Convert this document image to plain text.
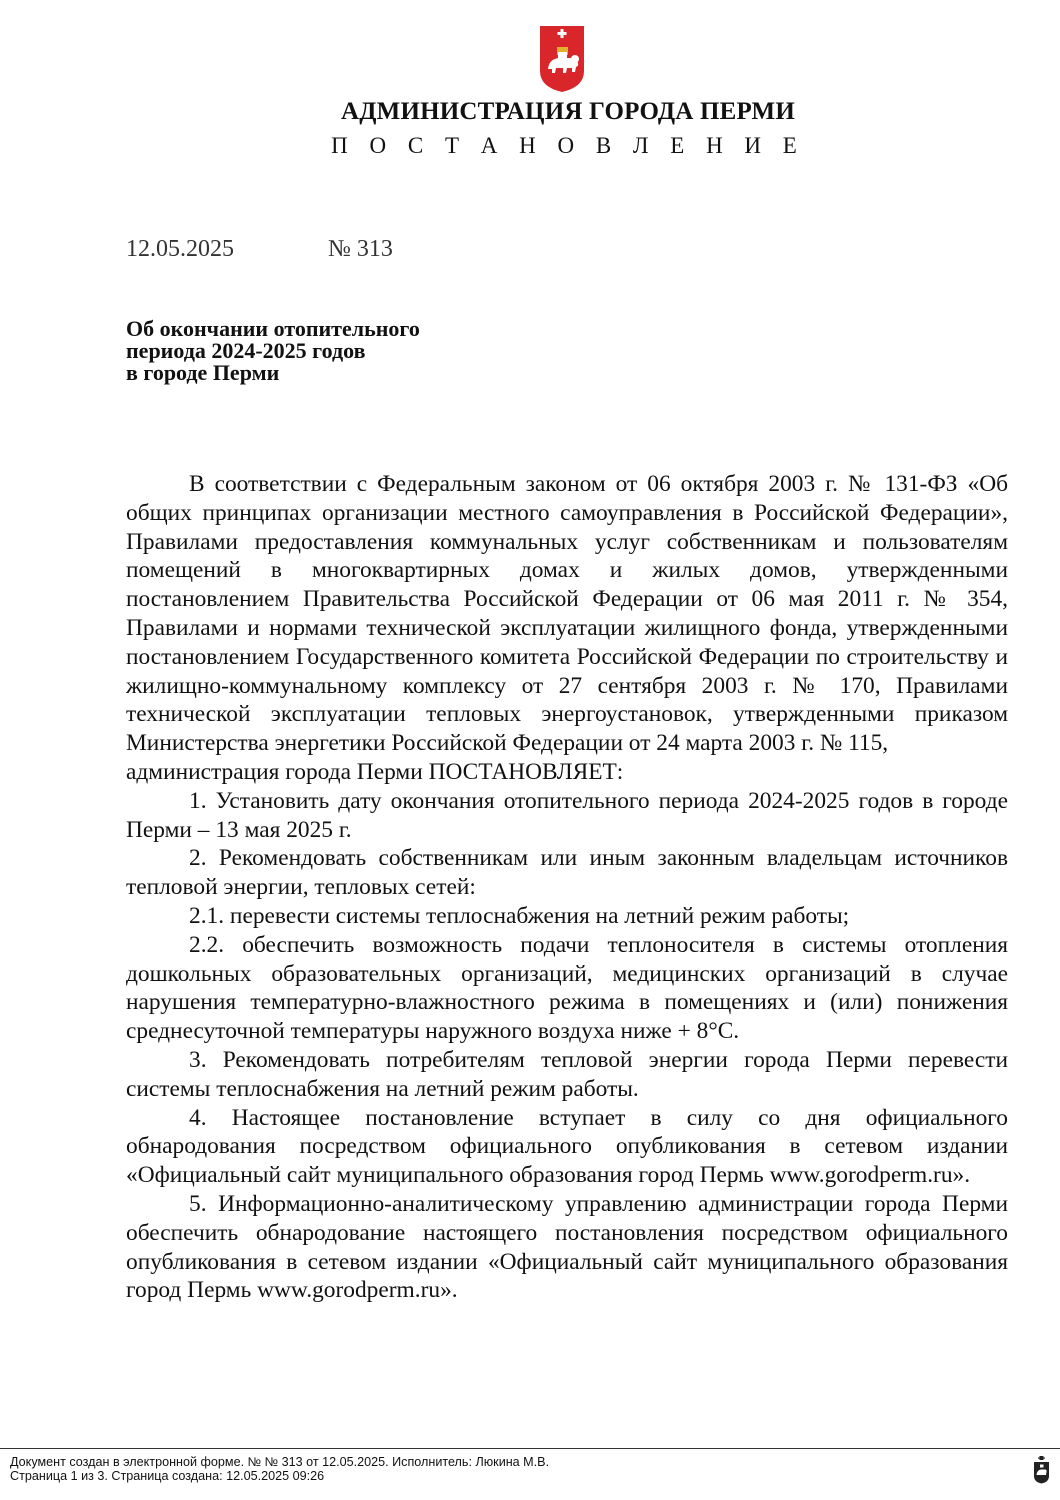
АДМИНИСТРАЦИЯ ГОРОДА ПЕРМИ
П О С Т А Н О В Л Е Н И Е
12.05.2025	№ 313
Об окончании отопительного
периода 2024-2025 годов
в городе Перми

В соответствии с Федеральным законом от 06 октября 2003 г. № 131-ФЗ «Об общих принципах организации местного самоуправления в Российской Федерации», Правилами предоставления коммунальных услуг собственникам и пользователям помещений в многоквартирных домах и жилых домов, утвержденными постановлением Правительства Российской Федерации от 06 мая 2011 г. № 354, Правилами и нормами технической эксплуатации жилищного фонда, утвержденными постановлением Государственного комитета Российской Федерации по строительству и жилищно-коммунальному комплексу от 27 сентября 2003 г. № 170, Правилами технической эксплуатации тепловых энергоустановок, утвержденными приказом Министерства энергетики Российской Федерации от 24 марта 2003 г. № 115,

администрация города Перми ПОСТАНОВЛЯЕТ:

1. Установить дату окончания отопительного периода 2024-2025 годов в городе Перми – 13 мая 2025 г.

2. Рекомендовать собственникам или иным законным владельцам источников тепловой энергии, тепловых сетей:

2.1. перевести системы теплоснабжения на летний режим работы;

2.2. обеспечить возможность подачи теплоносителя в системы отопления дошкольных образовательных организаций, медицинских организаций в случае нарушения температурно-влажностного режима в помещениях и (или) понижения среднесуточной температуры наружного воздуха ниже + 8°С.

3. Рекомендовать потребителям тепловой энергии города Перми перевести системы теплоснабжения на летний режим работы.

4. Настоящее постановление вступает в силу со дня официального обнародования посредством официального опубликования в сетевом издании «Официальный сайт муниципального образования город Пермь www.gorodperm.ru».

5. Информационно-аналитическому управлению администрации города Перми обеспечить обнародование настоящего постановления посредством официального опубликования в сетевом издании «Официальный сайт муниципального образования город Пермь www.gorodperm.ru».

Документ создан в электронной форме. № № 313 от 12.05.2025. Исполнитель: Люкина М.В.
Страница 1 из 3. Страница создана: 12.05.2025 09:26
